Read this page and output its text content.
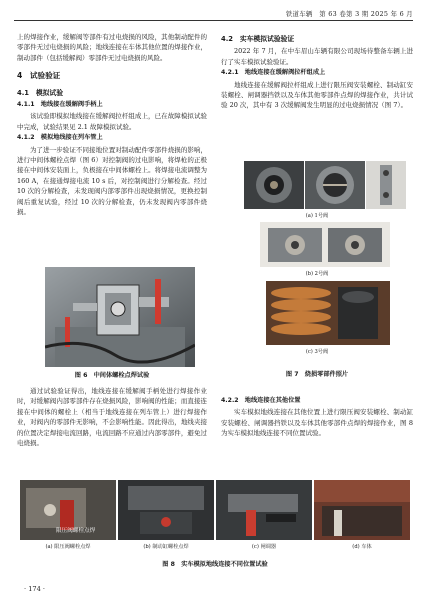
铁道车辆　第 63 卷第 3 期 2025 年 6 月

上的焊接作业，缓解阀等部件有过电烧损的风险，其他制动配件的零部件无过电烧损的风险；地线连接在车体其他位置的焊接作业，制动部件（包括缓解阀）零部件无过电烧损的风险。

4　试验验证
4.1　模拟试验
4.1.1　地线接在缓解阀手柄上

该试验即模拟地线接在缓解阀拉杆组成上，已在故障模拟试验中完成，试验结果见 2.1 故障模拟试验。

4.1.2　模拟地线接在列车管上

为了进一步验证不同接地位置对制动配件零部件烧损的影响，进行中间体螺栓点焊（图 6）对控制阀的过电影响，将焊枪的正极接在中间体安装面上，负极接在中间体螺栓上。将焊接电流调整为 160 A，在接通焊接电流 10 s 后，对控制阀进行分解检查。经过 10 次的分解检查，未发现阀内部零部件出现烧损情况，更换控制阀后重复试验，经过 10 次的分解检查，仍未发现阀内零部件烧损。

图 6　中间体螺栓点焊试验

通过试验验证得出，地线连接在缓解阀手柄处进行焊接作业时，对缓解阀内部零部件存在烧损风险，影响阀的性能；而直接连接在中间体的螺栓上（相当于地线连接在列车管上）进行焊接作业，对阀内的零部件无影响，不会影响性能。因此得出，地线夹接的位置决定焊接电流回路，电流回路不应通过内部零部件，避免过电烧损。

4.2　实车模拟试验验证

2022 年 7 月，在中车眉山车辆有限公司现场待整备车辆上进行了实车模拟试验验证。

4.2.1　地线连接在缓解阀拉杆组成上

地线连接在缓解阀拉杆组成上进行限压阀安装螺栓、制动缸安装螺栓、闸调器挡铁以及车体其他零部件点焊的焊接作业，共计试验 20 次，其中有 3 次缓解阀发生明显的过电烧损情况（图 7）。

(a) 1号阀
(b) 2号阀
(c) 3号阀
图 7　烧损零部件照片
4.2.2　地线连接在其他位置

实车模拟地线连接在其他位置上进行限压阀安装螺栓、制动缸安装螺栓、闸调器挡铁以及车体其他零部件点焊的焊接作业，图 8 为实车模拟地线连接不同位置试验。

限压阀螺栓点焊
(a) 限压阀螺栓点焊	(b) 制动缸螺栓点焊	(c) 闸调器	(d) 车体
图 8　实车模拟地线连接不同位置试验
· 174 ·
